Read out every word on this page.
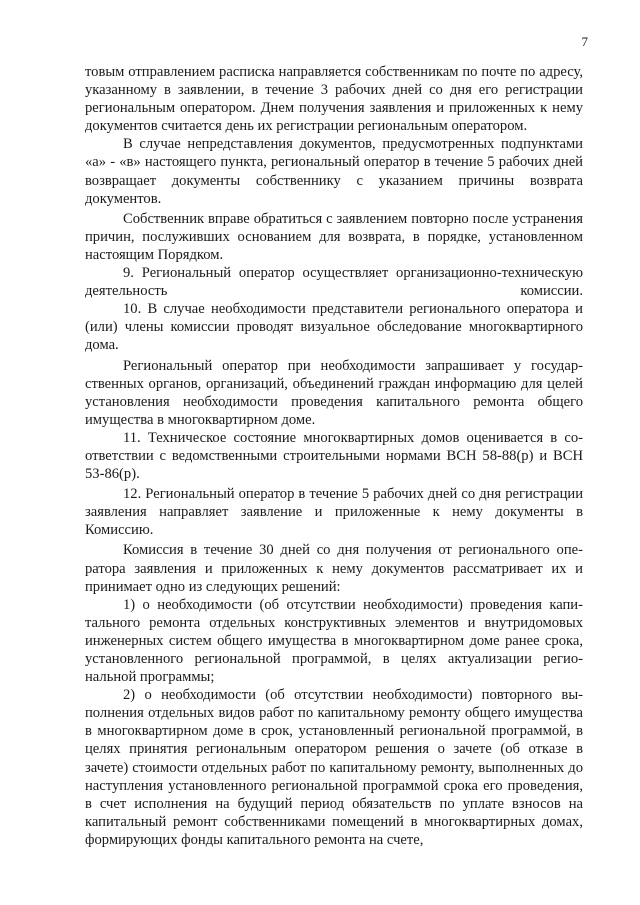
7

товым отправлением расписка направляется собственникам по почте по адресу, указанному в заявлении, в течение 3 рабочих дней со дня его регистрации региональным оператором. Днем получения заявления и приложенных к нему документов считается день их регистрации региональным оператором.

В случае непредставления документов, предусмотренных подпунктами «а» - «в» настоящего пункта, региональный оператор в течение 5 рабочих дней возвращает документы собственнику с указанием причины возврата документов.

Собственник вправе обратиться с заявлением повторно после устранения причин, послуживших основанием для возврата, в порядке, установленном настоящим Порядком.

9. Региональный оператор осуществляет организационно-техническую деятельность комиссии.

10. В случае необходимости представители регионального оператора и (или) члены комиссии проводят визуальное обследование многоквартирного дома.

Региональный оператор при необходимости запрашивает у государственных органов, организаций, объединений граждан информацию для целей установления необходимости проведения капитального ремонта общего имущества в многоквартирном доме.

11. Техническое состояние многоквартирных домов оценивается в соответствии с ведомственными строительными нормами ВСН 58-88(р) и ВСН 53-86(р).

12. Региональный оператор в течение 5 рабочих дней со дня регистрации заявления направляет заявление и приложенные к нему документы в Комиссию.

Комиссия в течение 30 дней со дня получения от регионального оператора заявления и приложенных к нему документов рассматривает их и принимает одно из следующих решений:

1) о необходимости (об отсутствии необходимости) проведения капитального ремонта отдельных конструктивных элементов и внутридомовых инженерных систем общего имущества в многоквартирном доме ранее срока, установленного региональной программой, в целях актуализации региональной программы;

2) о необходимости (об отсутствии необходимости) повторного выполнения отдельных видов работ по капитальному ремонту общего имущества в многоквартирном доме в срок, установленный региональной программой, в целях принятия региональным оператором решения о зачете (об отказе в зачете) стоимости отдельных работ по капитальному ремонту, выполненных до наступления установленного региональной программой срока его проведения, в счет исполнения на будущий период обязательств по уплате взносов на капитальный ремонт собственниками помещений в многоквартирных домах, формирующих фонды капитального ремонта на счете,
